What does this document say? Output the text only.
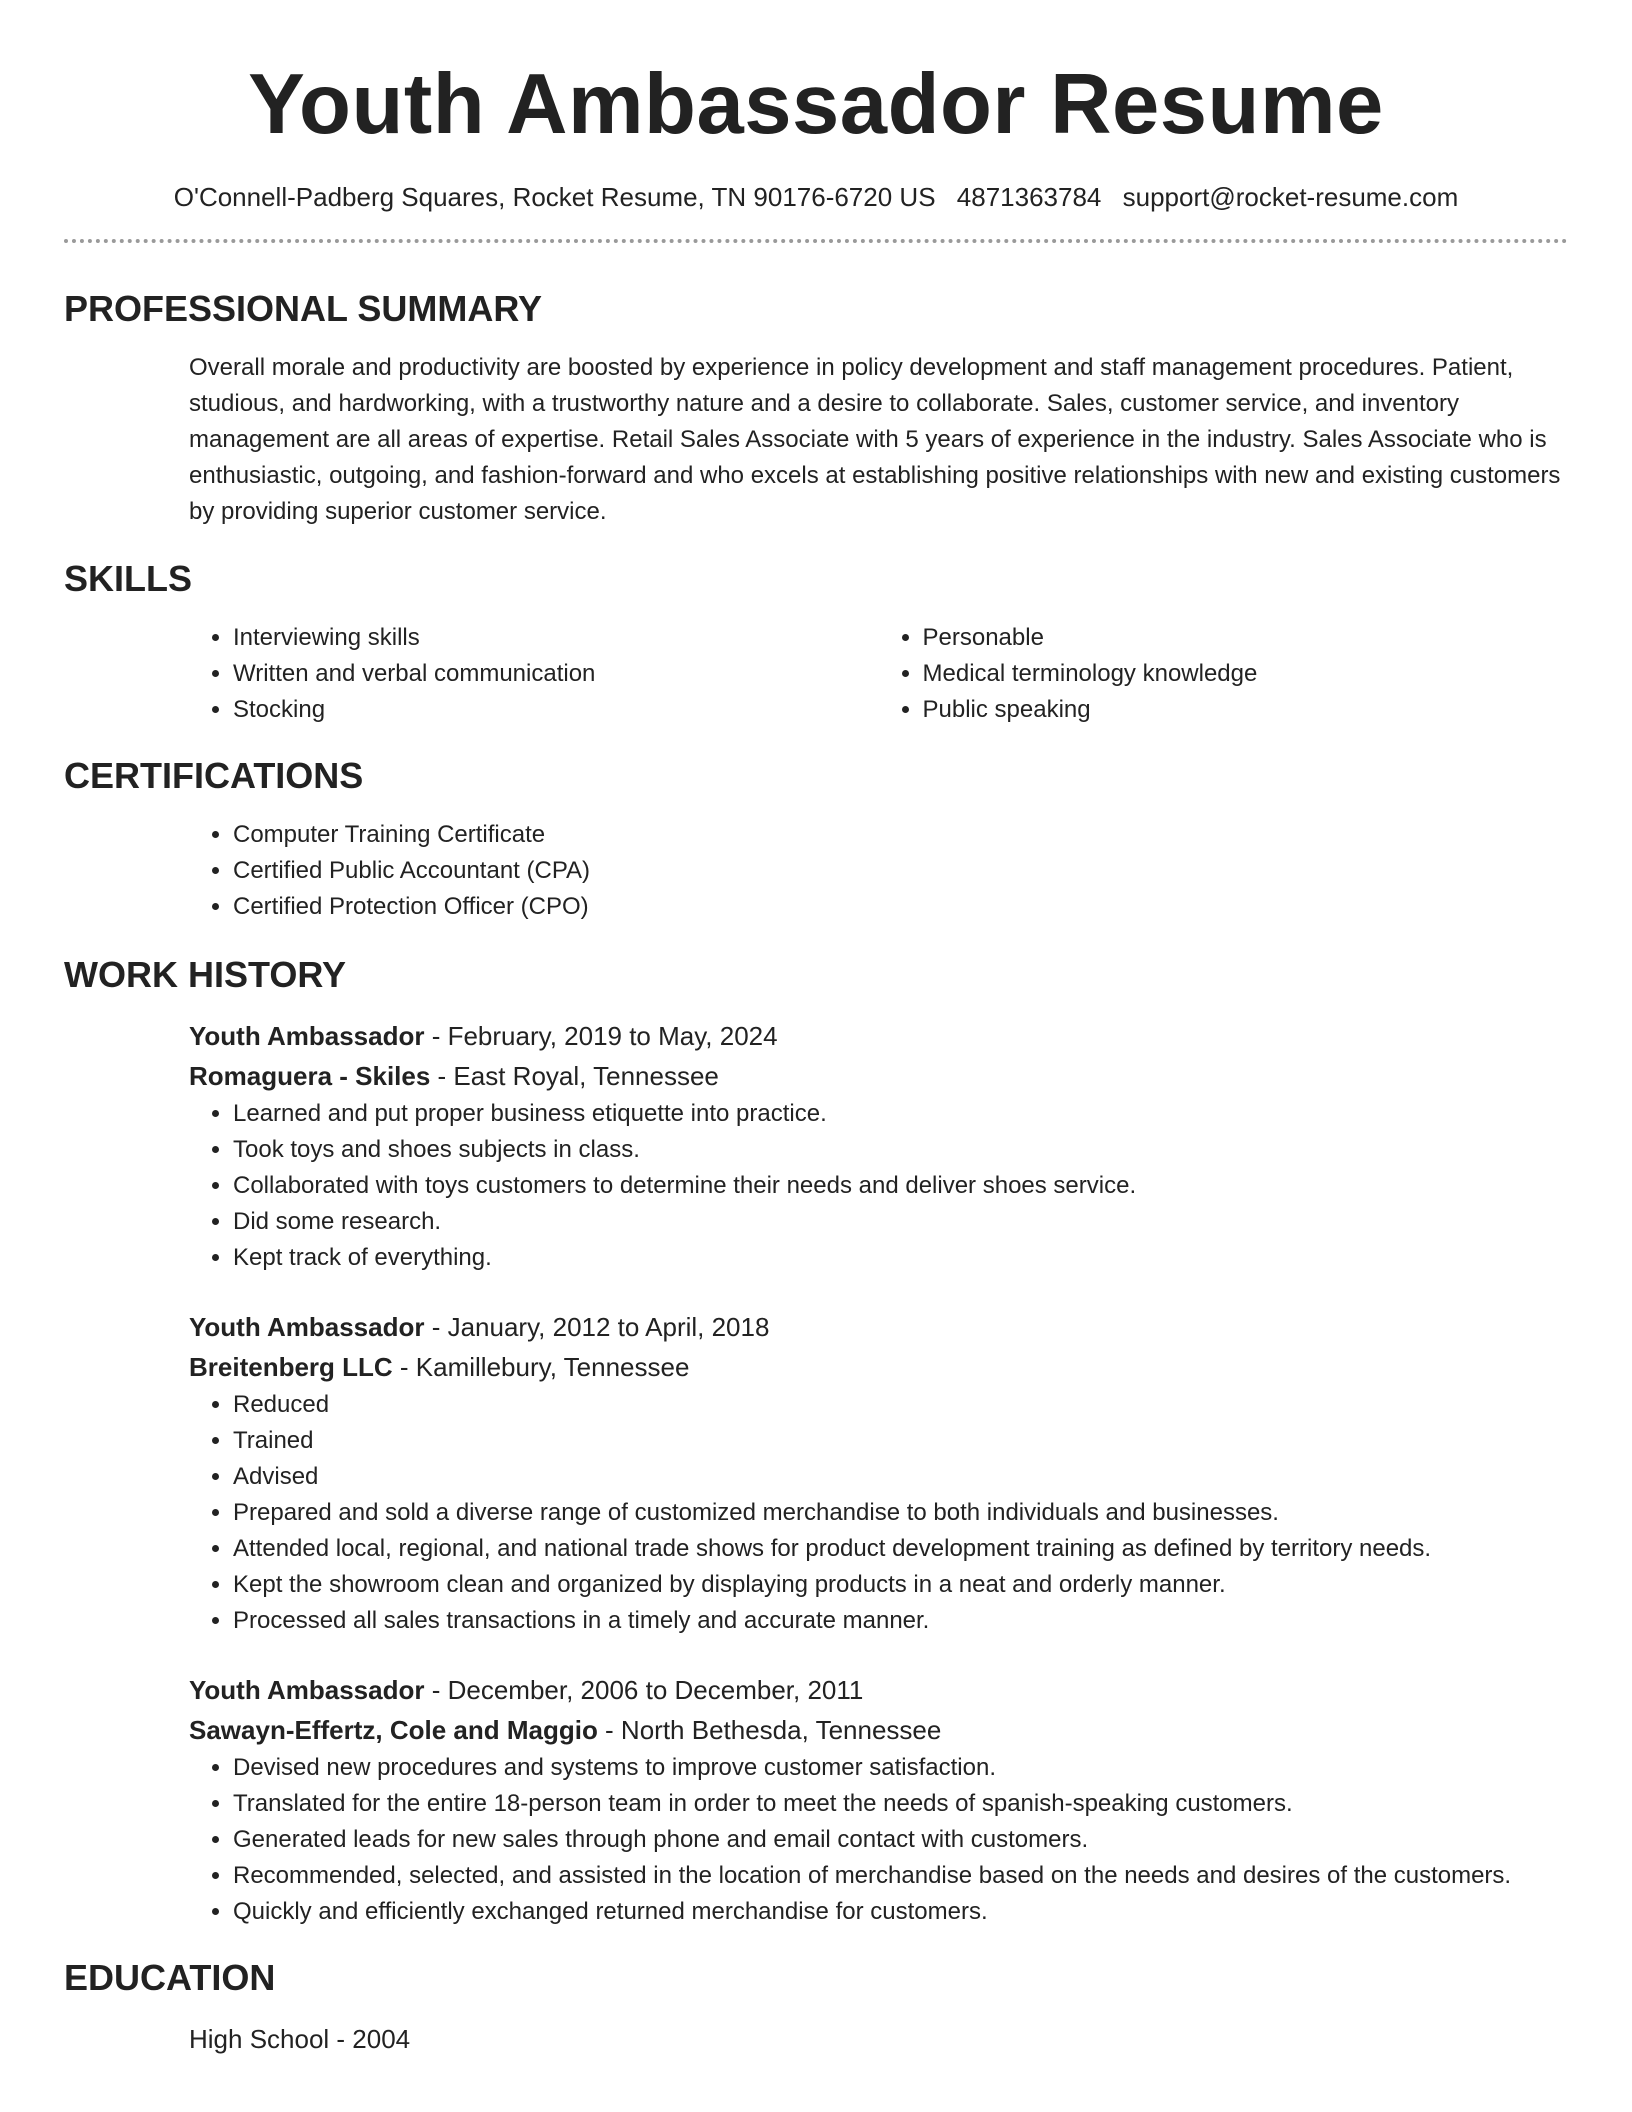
Youth Ambassador Resume
O'Connell-Padberg Squares, Rocket Resume, TN 90176-6720 US 4871363784 support@rocket-resume.com
PROFESSIONAL SUMMARY
Overall morale and productivity are boosted by experience in policy development and staff management procedures. Patient, studious, and hardworking, with a trustworthy nature and a desire to collaborate. Sales, customer service, and inventory management are all areas of expertise. Retail Sales Associate with 5 years of experience in the industry. Sales Associate who is enthusiastic, outgoing, and fashion-forward and who excels at establishing positive relationships with new and existing customers by providing superior customer service.
SKILLS
• Interviewing skills
• Written and verbal communication
• Stocking
• Personable
• Medical terminology knowledge
• Public speaking
CERTIFICATIONS
• Computer Training Certificate
• Certified Public Accountant (CPA)
• Certified Protection Officer (CPO)
WORK HISTORY
Youth Ambassador - February, 2019 to May, 2024
Romaguera - Skiles - East Royal, Tennessee
• Learned and put proper business etiquette into practice.
• Took toys and shoes subjects in class.
• Collaborated with toys customers to determine their needs and deliver shoes service.
• Did some research.
• Kept track of everything.
Youth Ambassador - January, 2012 to April, 2018
Breitenberg LLC - Kamillebury, Tennessee
• Reduced
• Trained
• Advised
• Prepared and sold a diverse range of customized merchandise to both individuals and businesses.
• Attended local, regional, and national trade shows for product development training as defined by territory needs.
• Kept the showroom clean and organized by displaying products in a neat and orderly manner.
• Processed all sales transactions in a timely and accurate manner.
Youth Ambassador - December, 2006 to December, 2011
Sawayn-Effertz, Cole and Maggio - North Bethesda, Tennessee
• Devised new procedures and systems to improve customer satisfaction.
• Translated for the entire 18-person team in order to meet the needs of spanish-speaking customers.
• Generated leads for new sales through phone and email contact with customers.
• Recommended, selected, and assisted in the location of merchandise based on the needs and desires of the customers.
• Quickly and efficiently exchanged returned merchandise for customers.
EDUCATION
High School - 2004
